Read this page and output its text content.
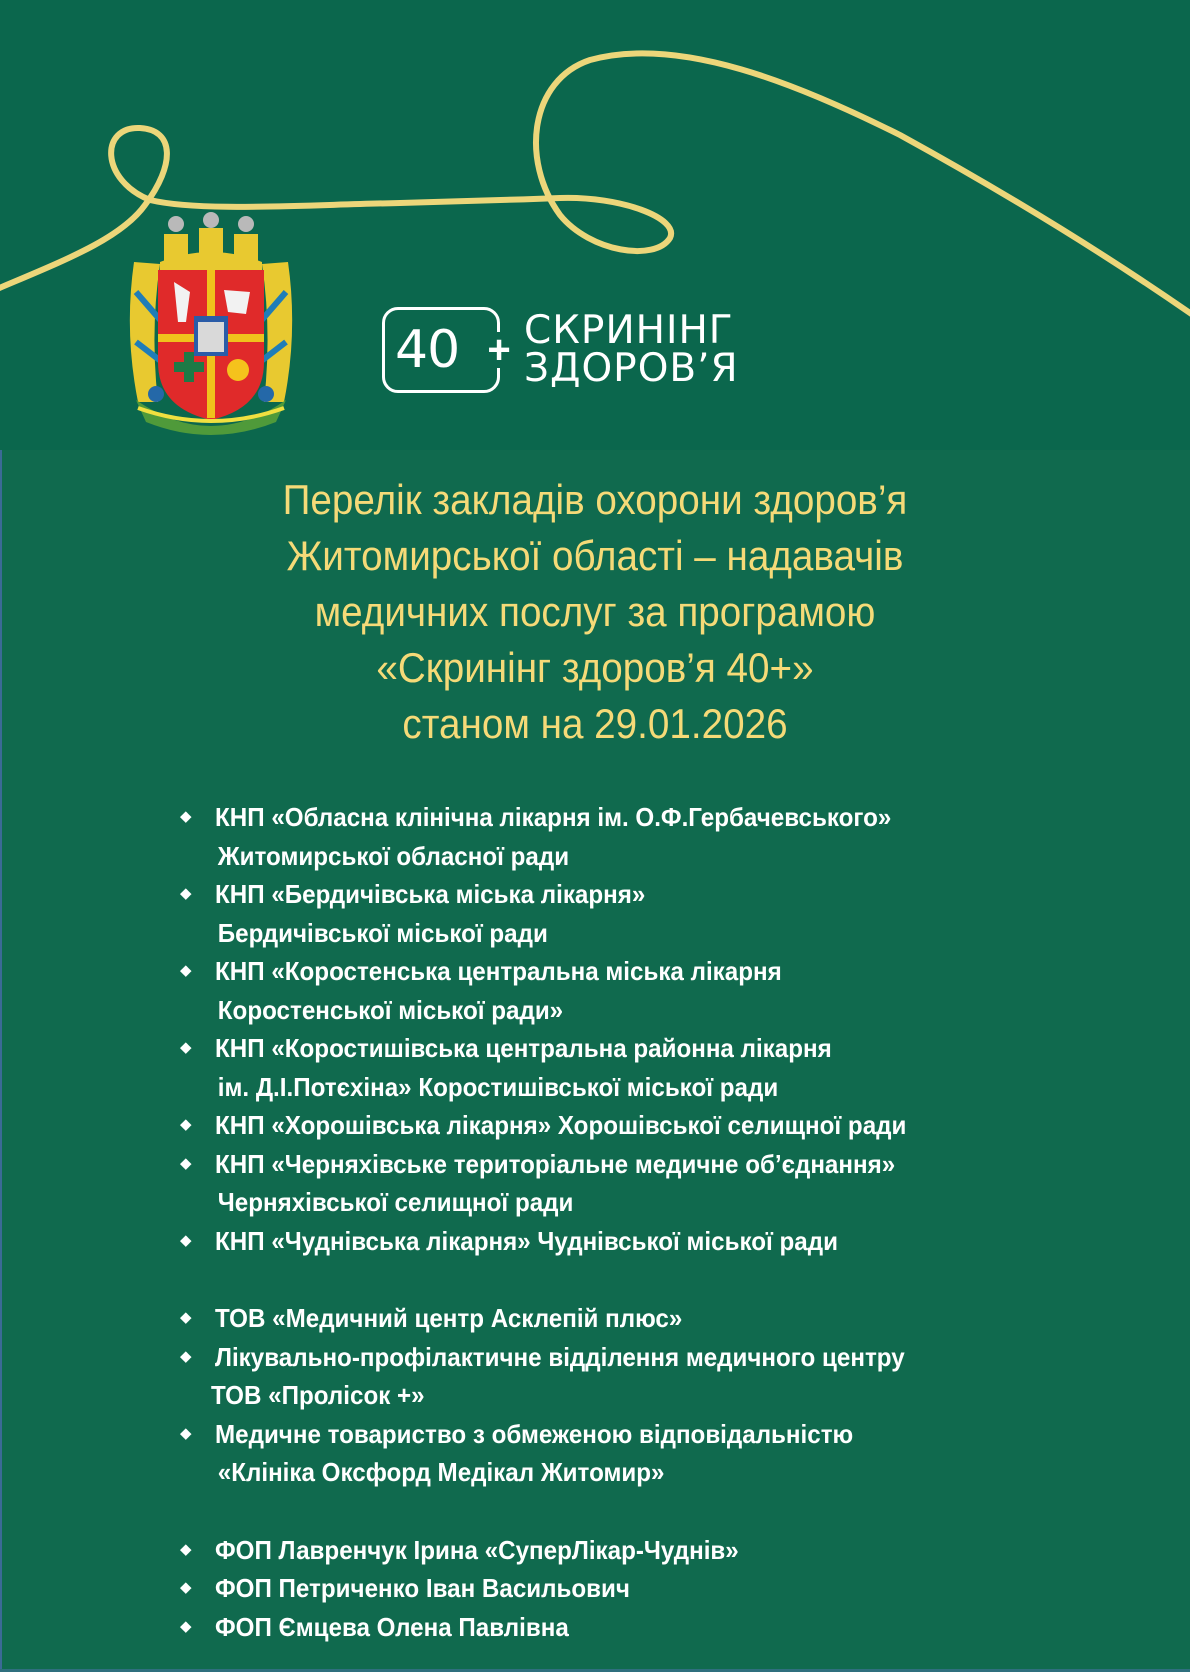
40 + СКРИНІНГ
ЗДОРОВ’Я
Перелік закладів охорони здоров’я
Житомирської області – надавачів
медичних послуг за програмою
«Скринінг здоров’я 40+»
станом на 29.01.2026
◆ КНП «Обласна клінічна лікарня ім. О.Ф.Гербачевського»
Житомирської обласної ради
◆ КНП «Бердичівська міська лікарня»
Бердичівської міської ради
◆ КНП «Коростенська центральна міська лікарня
Коростенської міської ради»
◆ КНП «Коростишівська центральна районна лікарня
ім. Д.І.Потєхіна» Коростишівської міської ради
◆ КНП «Хорошівська лікарня» Хорошівської селищної ради
◆ КНП «Черняхівське територіальне медичне об’єднання»
Черняхівської селищної ради
◆ КНП «Чуднівська лікарня» Чуднівської міської ради
◆ ТОВ «Медичний центр Асклепій плюс»
◆ Лікувально-профілактичне відділення медичного центру
ТОВ «Пролісок +»
◆ Медичне товариство з обмеженою відповідальністю
«Клініка Оксфорд Медікал Житомир»
◆ ФОП Лавренчук Ірина «СуперЛікар-Чуднів»
◆ ФОП Петриченко Іван Васильович
◆ ФОП Ємцева Олена Павлівна
